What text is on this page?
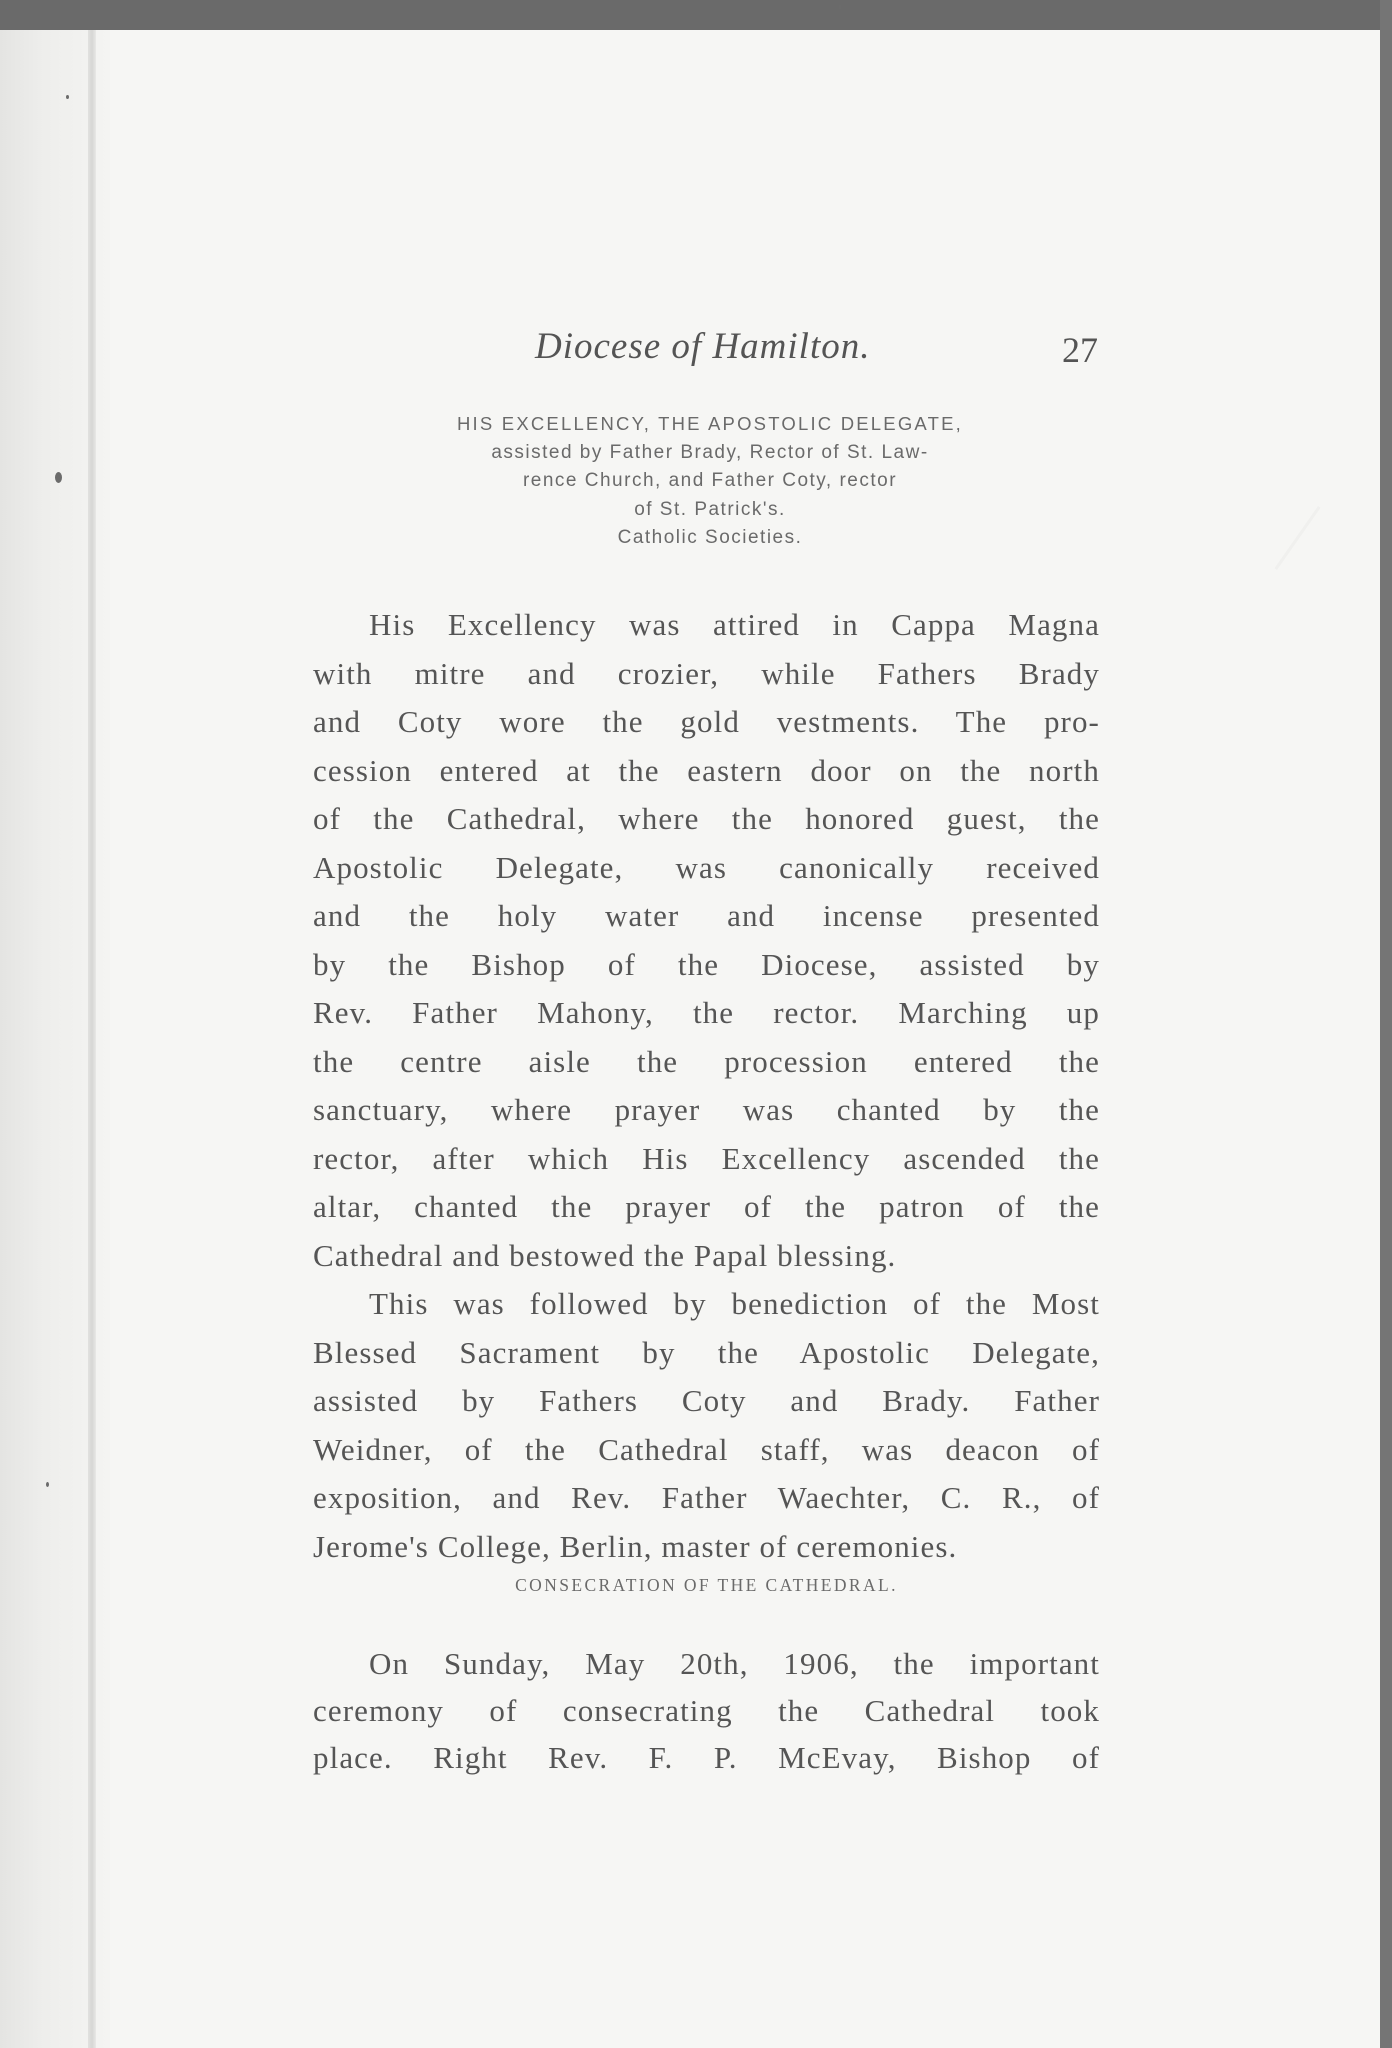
Diocese of Hamilton.	27
HIS EXCELLENCY, THE APOSTOLIC DELEGATE,
assisted by Father Brady, Rector of St. Law-
rence Church, and Father Coty, rector
of St. Patrick's.
Catholic Societies.
His Excellency was attired in Cappa Magna
with mitre and crozier, while Fathers Brady
and Coty wore the gold vestments. The pro-
cession entered at the eastern door on the north
of the Cathedral, where the honored guest, the
Apostolic Delegate, was canonically received
and the holy water and incense presented
by the Bishop of the Diocese, assisted by
Rev. Father Mahony, the rector. Marching up
the centre aisle the procession entered the
sanctuary, where prayer was chanted by the
rector, after which His Excellency ascended the
altar, chanted the prayer of the patron of the
Cathedral and bestowed the Papal blessing.
This was followed by benediction of the Most
Blessed Sacrament by the Apostolic Delegate,
assisted by Fathers Coty and Brady. Father
Weidner, of the Cathedral staff, was deacon of
exposition, and Rev. Father Waechter, C. R., of
Jerome's College, Berlin, master of ceremonies.
CONSECRATION OF THE CATHEDRAL.
On Sunday, May 20th, 1906, the important
ceremony of consecrating the Cathedral took
place. Right Rev. F. P. McEvay, Bishop of
